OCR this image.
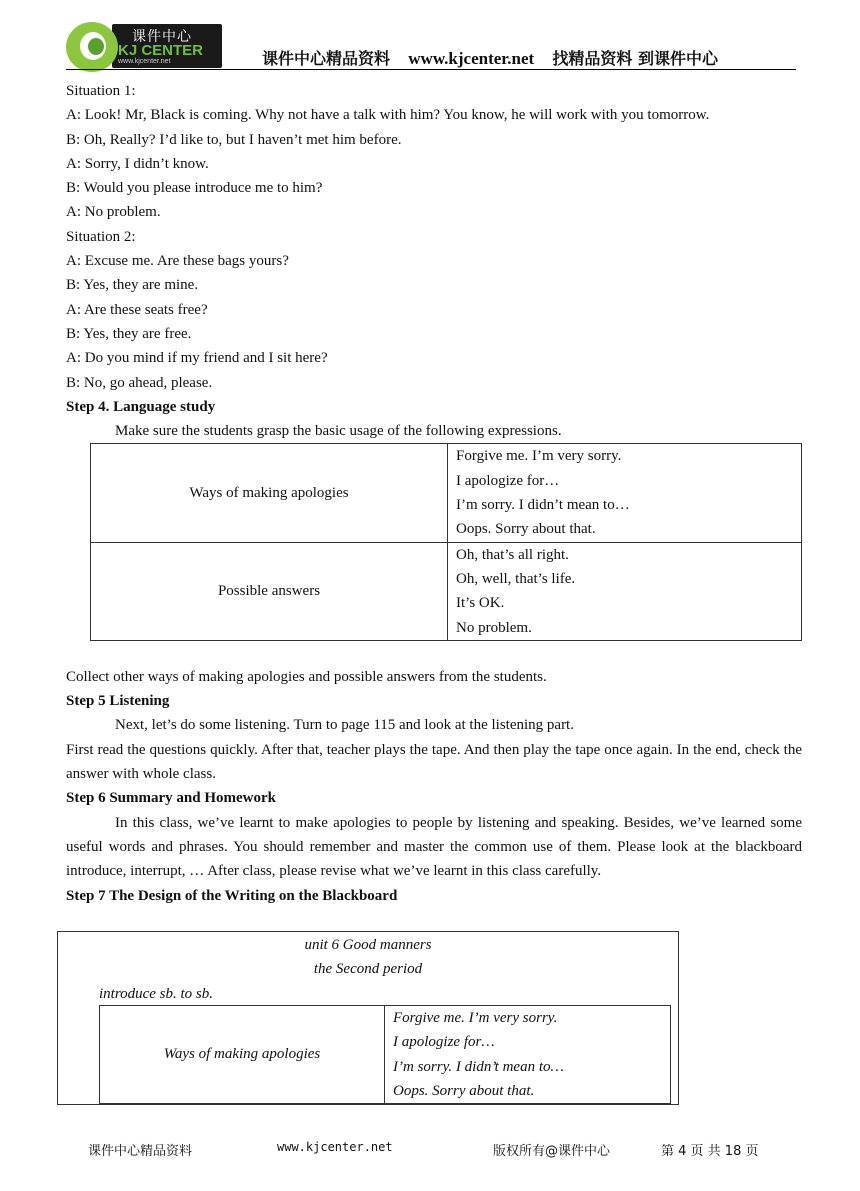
课件中心
KJ CENTER
www.kjcenter.net	课件中心精品资料 www.kjcenter.net 找精品资料 到课件中心

Situation 1:

A: Look! Mr, Black is coming. Why not have a talk with him? You know, he will work with you tomorrow.

B: Oh, Really? I’d like to, but I haven’t met him before.

A: Sorry, I didn’t know.

B: Would you please introduce me to him?

A: No problem.

Situation 2:

A: Excuse me. Are these bags yours?

B: Yes, they are mine.

A: Are these seats free?

B: Yes, they are free.

A: Do you mind if my friend and I sit here?

B: No, go ahead, please.

Step 4. Language study

Make sure the students grasp the basic usage of the following expressions.

Ways of making apologies	Forgive me. I’m very sorry.
I apologize for…
I’m sorry. I didn’t mean to…
Oops. Sorry about that.

Possible answers	Oh, that’s all right.
Oh, well, that’s life.
It’s OK.
No problem.

Collect other ways of making apologies and possible answers from the students.

Step 5 Listening

Next, let’s do some listening. Turn to page 115 and look at the listening part.

First read the questions quickly. After that, teacher plays the tape. And then play the tape once again. In the end, check the answer with whole class.

Step 6 Summary and Homework

In this class, we’ve learnt to make apologies to people by listening and speaking. Besides, we’ve learned some useful words and phrases. You should remember and master the common use of them. Please look at the blackboard introduce, interrupt, … After class, please revise what we’ve learnt in this class carefully.

Step 7 The Design of the Writing on the Blackboard

unit 6 Good manners
the Second period
introduce sb. to sb.
Ways of making apologies	
Forgive me. I’m very sorry.
I apologize for…
I’m sorry. I didn’t mean to…
Oops. Sorry about that.
课件中心精品资料	www.kjcenter.net	版权所有@课件中心	第 4 页 共 18 页
